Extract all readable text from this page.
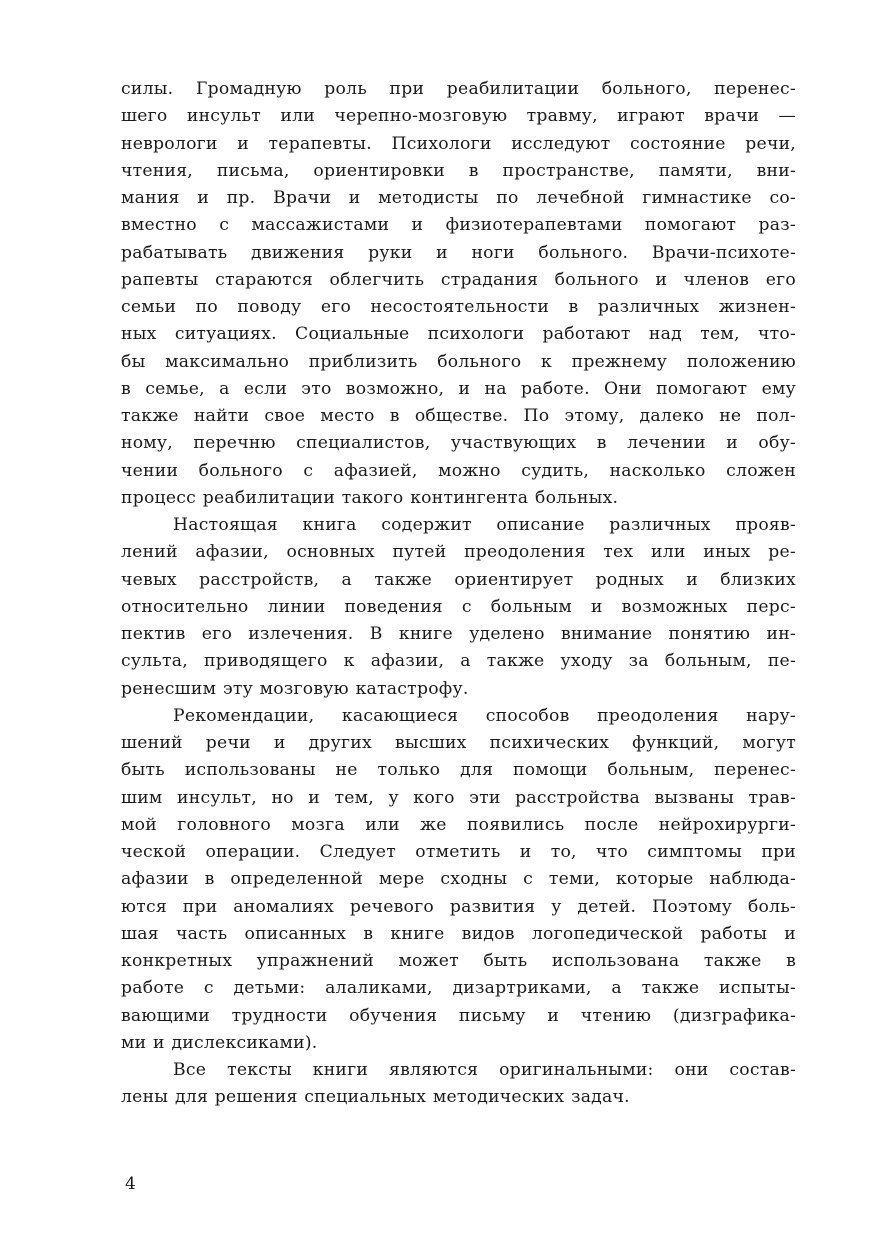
силы. Громадную роль при реабилитации больного, перенес-
шего инсульт или черепно-мозговую травму, играют врачи —
неврологи и терапевты. Психологи исследуют состояние речи,
чтения, письма, ориентировки в пространстве, памяти, вни-
мания и пр. Врачи и методисты по лечебной гимнастике со-
вместно с массажистами и физиотерапевтами помогают раз-
рабатывать движения руки и ноги больного. Врачи-психоте-
рапевты стараются облегчить страдания больного и членов его
семьи по поводу его несостоятельности в различных жизнен-
ных ситуациях. Социальные психологи работают над тем, что-
бы максимально приблизить больного к прежнему положению
в семье, а если это возможно, и на работе. Они помогают ему
также найти свое место в обществе. По этому, далеко не пол-
ному, перечню специалистов, участвующих в лечении и обу-
чении больного с афазией, можно судить, насколько сложен
процесс реабилитации такого контингента больных.
Настоящая книга содержит описание различных прояв-
лений афазии, основных путей преодоления тех или иных ре-
чевых расстройств, а также ориентирует родных и близких
относительно линии поведения с больным и возможных перс-
пектив его излечения. В книге уделено внимание понятию ин-
сульта, приводящего к афазии, а также уходу за больным, пе-
ренесшим эту мозговую катастрофу.
Рекомендации, касающиеся способов преодоления нару-
шений речи и других высших психических функций, могут
быть использованы не только для помощи больным, перенес-
шим инсульт, но и тем, у кого эти расстройства вызваны трав-
мой головного мозга или же появились после нейрохирурги-
ческой операции. Следует отметить и то, что симптомы при
афазии в определенной мере сходны с теми, которые наблюда-
ются при аномалиях речевого развития у детей. Поэтому боль-
шая часть описанных в книге видов логопедической работы и
конкретных упражнений может быть использована также в
работе с детьми: алаликами, дизартриками, а также испыты-
вающими трудности обучения письму и чтению (дизграфика-
ми и дислексиками).
Все тексты книги являются оригинальными: они состав-
лены для решения специальных методических задач.
4
